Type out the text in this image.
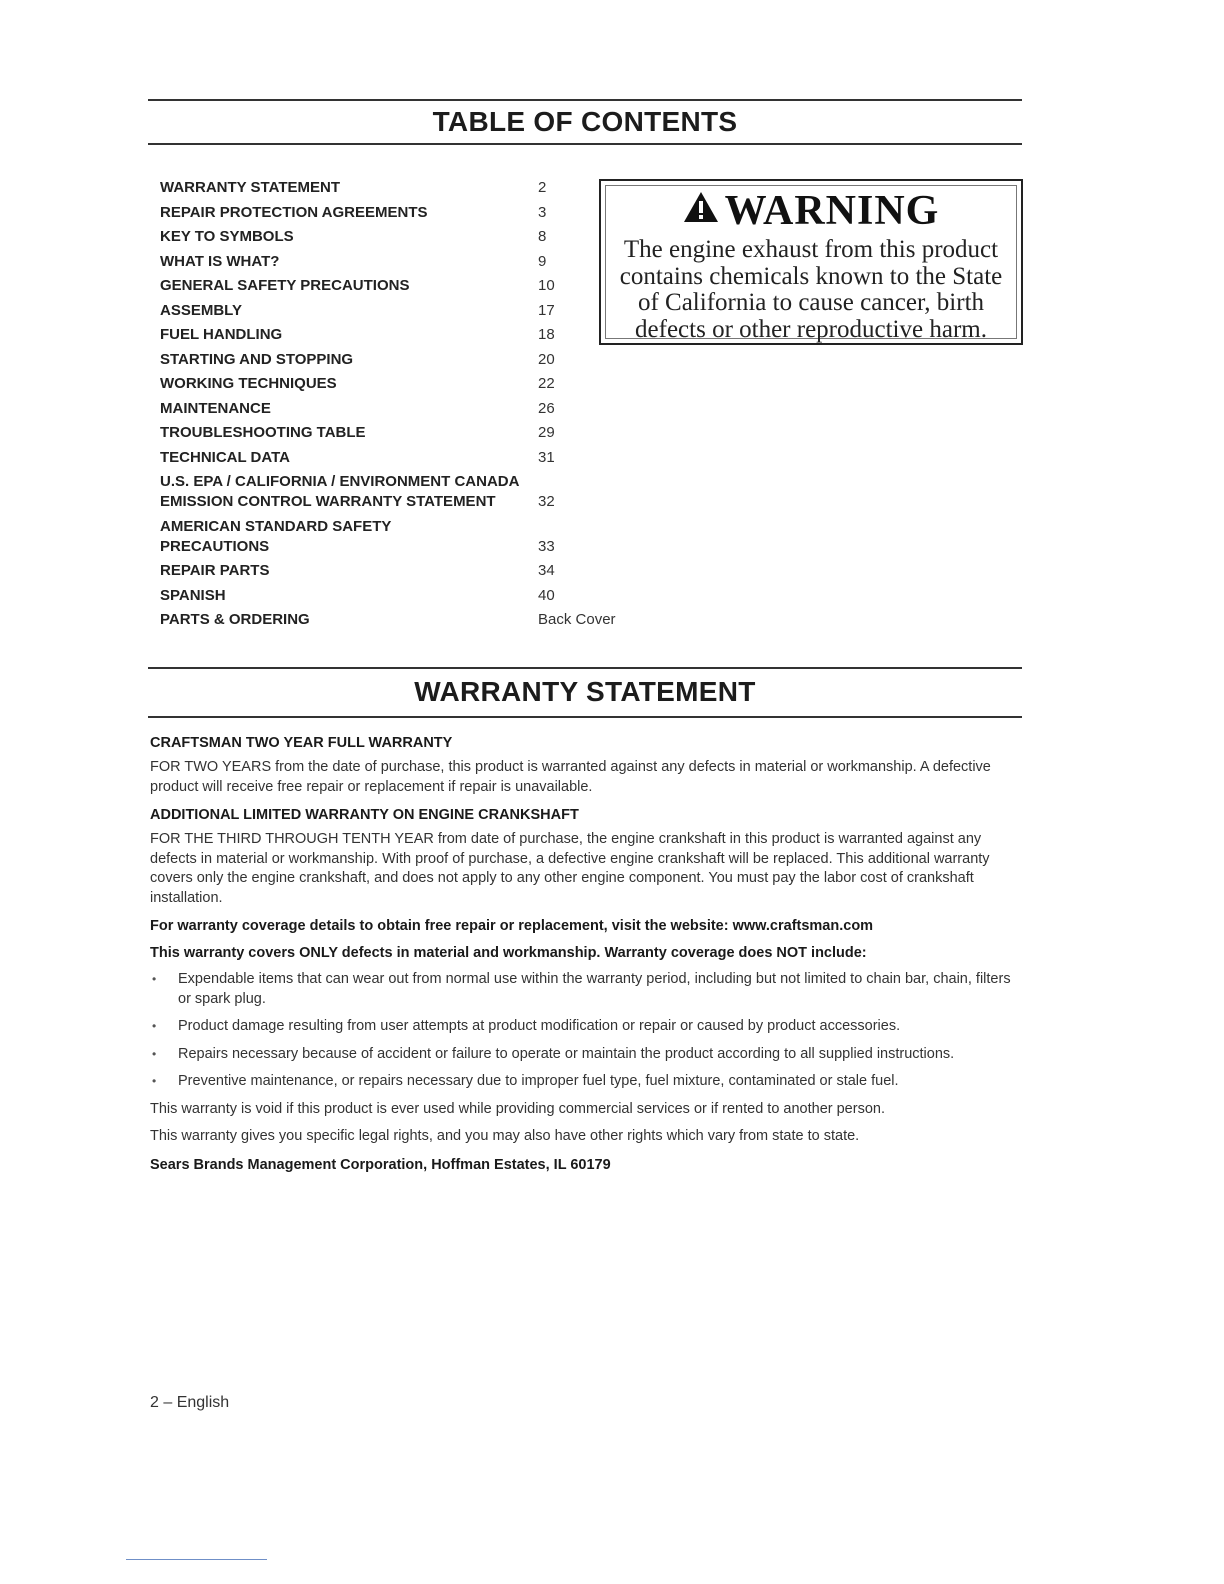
TABLE OF CONTENTS
WARRANTY STATEMENT	2
REPAIR PROTECTION AGREEMENTS	3
KEY TO SYMBOLS	8
WHAT IS WHAT?	9
GENERAL SAFETY PRECAUTIONS	10
ASSEMBLY	17
FUEL HANDLING	18
STARTING AND STOPPING	20
WORKING TECHNIQUES	22
MAINTENANCE	26
TROUBLESHOOTING TABLE	29
TECHNICAL DATA	31
U.S. EPA / CALIFORNIA / ENVIRONMENT CANADA EMISSION CONTROL WARRANTY STATEMENT	32
AMERICAN STANDARD SAFETY PRECAUTIONS	33
REPAIR PARTS	34
SPANISH	40
PARTS & ORDERING	Back Cover
WARNING
The engine exhaust from this product contains chemicals known to the State of California to cause cancer, birth defects or other reproductive harm.
WARRANTY STATEMENT

CRAFTSMAN TWO YEAR FULL WARRANTY

FOR TWO YEARS from the date of purchase, this product is warranted against any defects in material or workmanship. A defective product will receive free repair or replacement if repair is unavailable.

ADDITIONAL LIMITED WARRANTY ON ENGINE CRANKSHAFT

FOR THE THIRD THROUGH TENTH YEAR from date of purchase, the engine crankshaft in this product is warranted against any defects in material or workmanship. With proof of purchase, a defective engine crankshaft will be replaced. This additional warranty covers only the engine crankshaft, and does not apply to any other engine component. You must pay the labor cost of crankshaft installation.

For warranty coverage details to obtain free repair or replacement, visit the website: www.craftsman.com

This warranty covers ONLY defects in material and workmanship. Warranty coverage does NOT include:

• Expendable items that can wear out from normal use within the warranty period, including but not limited to chain bar, chain, filters or spark plug.
• Product damage resulting from user attempts at product modification or repair or caused by product accessories.
• Repairs necessary because of accident or failure to operate or maintain the product according to all supplied instructions.
• Preventive maintenance, or repairs necessary due to improper fuel type, fuel mixture, contaminated or stale fuel.

This warranty is void if this product is ever used while providing commercial services or if rented to another person.

This warranty gives you specific legal rights, and you may also have other rights which vary from state to state.

Sears Brands Management Corporation, Hoffman Estates, IL 60179

2 – English
